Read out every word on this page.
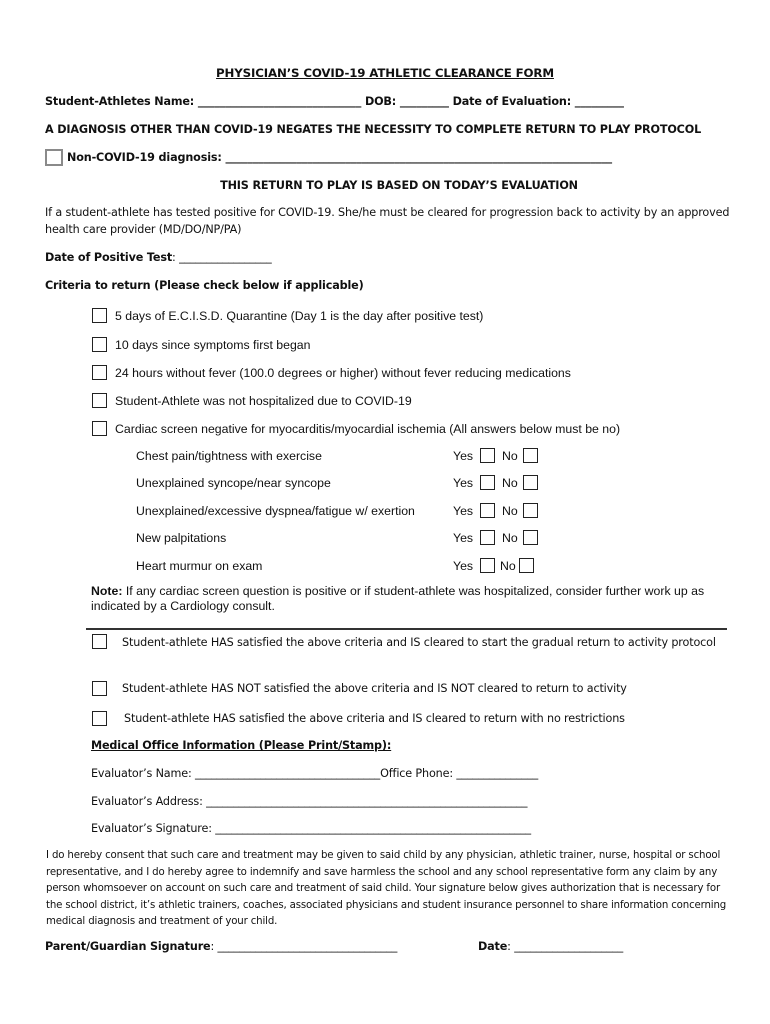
PHYSICIAN’S COVID-19 ATHLETIC CLEARANCE FORM
Student-Athletes Name: ______________________________ DOB: _________ Date of Evaluation: _________
A DIAGNOSIS OTHER THAN COVID-19 NEGATES THE NECESSITY TO COMPLETE RETURN TO PLAY PROTOCOL
Non-COVID-19 diagnosis: _______________________________________________________________________
THIS RETURN TO PLAY IS BASED ON TODAY’S EVALUATION
If a student-athlete has tested positive for COVID-19. She/he must be cleared for progression back to activity by an approved health care provider (MD/DO/NP/PA)
Date of Positive Test: _________________
Criteria to return (Please check below if applicable)
5 days of E.C.I.S.D. Quarantine (Day 1 is the day after positive test)
10 days since symptoms first began
24 hours without fever (100.0 degrees or higher) without fever reducing medications
Student-Athlete was not hospitalized due to COVID-19
Cardiac screen negative for myocarditis/myocardial ischemia (All answers below must be no)
Chest pain/tightness with exercise	Yes No
Unexplained syncope/near syncope	Yes No
Unexplained/excessive dyspnea/fatigue w/ exertion	Yes No
New palpitations	Yes No
Heart murmur on exam	Yes No
Note: If any cardiac screen question is positive or if student-athlete was hospitalized, consider further work up as indicated by a Cardiology consult.
Student-athlete HAS satisfied the above criteria and IS cleared to start the gradual return to activity protocol
Student-athlete HAS NOT satisfied the above criteria and IS NOT cleared to return to activity
Student-athlete HAS satisfied the above criteria and IS cleared to return with no restrictions
Medical Office Information (Please Print/Stamp):
Evaluator’s Name: __________________________________Office Phone: _______________
Evaluator’s Address: ___________________________________________________________
Evaluator’s Signature: __________________________________________________________
I do hereby consent that such care and treatment may be given to said child by any physician, athletic trainer, nurse, hospital or school representative, and I do hereby agree to indemnify and save harmless the school and any school representative form any claim by any person whomsoever on account on such care and treatment of said child. Your signature below gives authorization that is necessary for the school district, it’s athletic trainers, coaches, associated physicians and student insurance personnel to share information concerning medical diagnosis and treatment of your child.
Parent/Guardian Signature: _________________________________	Date: ____________________
